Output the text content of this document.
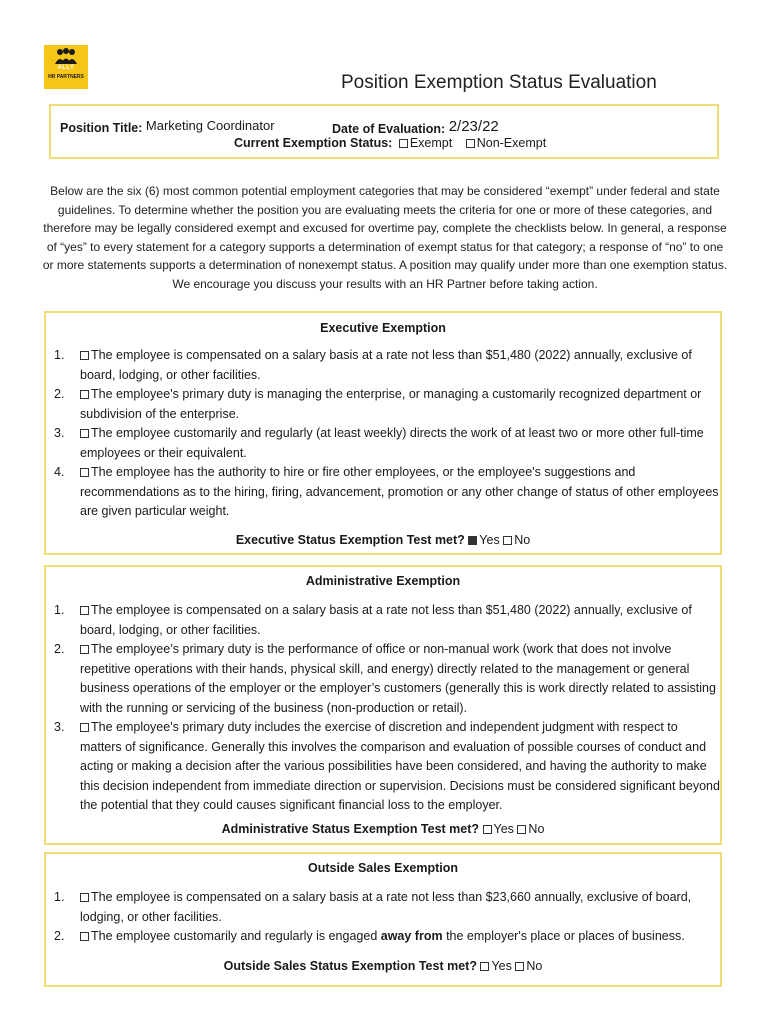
ALLY
HR PARTNERS	Position Exemption Status Evaluation
Position Title: Marketing Coordinator	Date of Evaluation: 2/23/22
Current Exemption Status: Exempt Non-Exempt
Below are the six (6) most common potential employment categories that may be considered “exempt” under federal and state guidelines. To determine whether the position you are evaluating meets the criteria for one or more of these categories, and therefore may be legally considered exempt and excused for overtime pay, complete the checklists below. In general, a response of “yes” to every statement for a category supports a determination of exempt status for that category; a response of “no” to one or more statements supports a determination of nonexempt status. A position may qualify under more than one exemption status. We encourage you discuss your results with an HR Partner before taking action.
Executive Exemption
1. The employee is compensated on a salary basis at a rate not less than $51,480 (2022) annually, exclusive of board, lodging, or other facilities.
2. The employee's primary duty is managing the enterprise, or managing a customarily recognized department or subdivision of the enterprise.
3. The employee customarily and regularly (at least weekly) directs the work of at least two or more other full-time employees or their equivalent.
4. The employee has the authority to hire or fire other employees, or the employee's suggestions and recommendations as to the hiring, firing, advancement, promotion or any other change of status of other employees are given particular weight.
Executive Status Exemption Test met? Yes No
Administrative Exemption
1. The employee is compensated on a salary basis at a rate not less than $51,480 (2022) annually, exclusive of board, lodging, or other facilities.
2. The employee’s primary duty is the performance of office or non-manual work (work that does not involve repetitive operations with their hands, physical skill, and energy) directly related to the management or general business operations of the employer or the employer’s customers (generally this is work directly related to assisting with the running or servicing of the business (non-production or retail).
3. The employee's primary duty includes the exercise of discretion and independent judgment with respect to matters of significance. Generally this involves the comparison and evaluation of possible courses of conduct and acting or making a decision after the various possibilities have been considered, and having the authority to make this decision independent from immediate direction or supervision. Decisions must be considered significant beyond the potential that they could causes significant financial loss to the employer.
Administrative Status Exemption Test met? Yes No
Outside Sales Exemption
1. The employee is compensated on a salary basis at a rate not less than $23,660 annually, exclusive of board, lodging, or other facilities.
2. The employee customarily and regularly is engaged away from the employer's place or places of business.
Outside Sales Status Exemption Test met? Yes No
